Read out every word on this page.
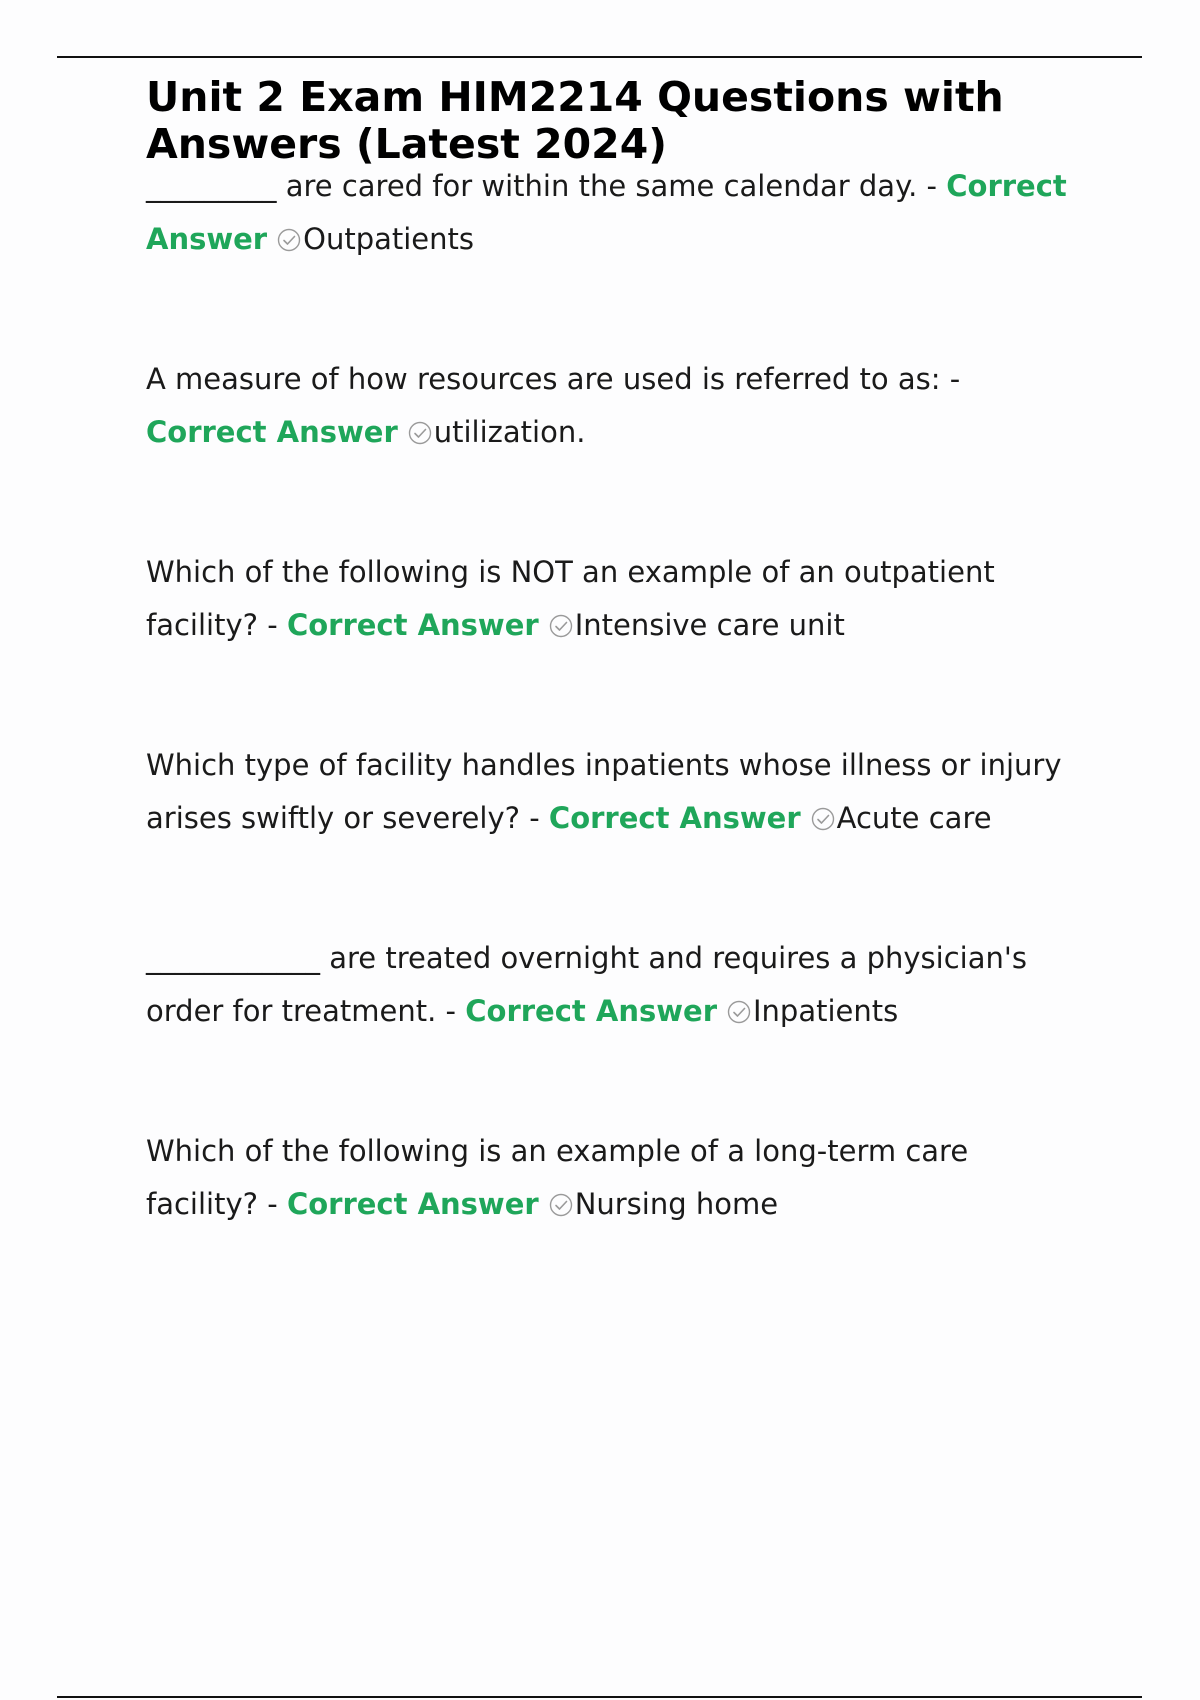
Unit 2 Exam HIM2214 Questions with Answers (Latest 2024)

_________ are cared for within the same calendar day. - Correct Answer Outpatients

A measure of how resources are used is referred to as: - Correct Answer utilization.

Which of the following is NOT an example of an outpatient facility? - Correct Answer Intensive care unit

Which type of facility handles inpatients whose illness or injury arises swiftly or severely? - Correct Answer Acute care

____________ are treated overnight and requires a physician's order for treatment. - Correct Answer Inpatients

Which of the following is an example of a long-term care facility? - Correct Answer Nursing home
